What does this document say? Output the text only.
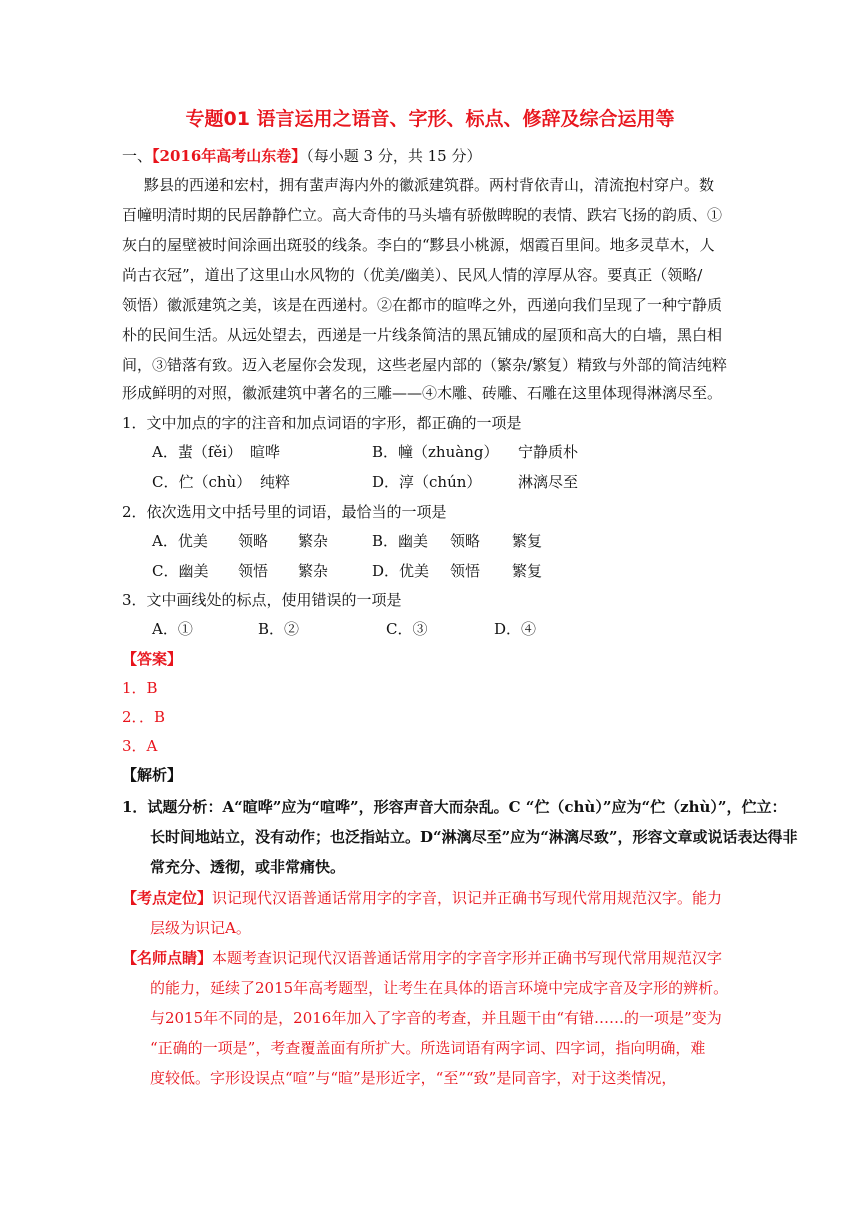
专题01 语言运用之语音、字形、标点、修辞及综合运用等
一、【2016年高考山东卷】（每小题 3 分，共 15 分）
黟县的西递和宏村，拥有蜚声海内外的徽派建筑群。两村背依青山，清流抱村穿户。数
百幢明清时期的民居静静伫立。高大奇伟的马头墙有骄傲睥睨的表情、跌宕飞扬的韵质、①
灰白的屋壁被时间涂画出斑驳的线条。李白的“黟县小桃源，烟霞百里间。地多灵草木，人
尚古衣冠”，道出了这里山水风物的（优美/幽美）、民风人情的淳厚从容。要真正（领略/
领悟）徽派建筑之美，该是在西递村。②在都市的暄哗之外，西递向我们呈现了一种宁静质
朴的民间生活。从远处望去，西递是一片线条简洁的黑瓦铺成的屋顶和高大的白墙，黑白相
间，③错落有致。迈入老屋你会发现，这些老屋内部的（繁杂/繁复）精致与外部的简洁纯粹
形成鲜明的对照，徽派建筑中著名的三雕——④木雕、砖雕、石雕在这里体现得淋漓尽至。
1．文中加点的字的注音和加点词语的字形，都正确的一项是
A．蜚（fěi） 暄哗	B．幢（zhuàng） 宁静质朴
C．伫（chù） 纯粹	D．淳（chún） 淋漓尽至
2．依次选用文中括号里的词语，最恰当的一项是
A．优美 领略 繁杂	B．幽美 领略 繁复
C．幽美 领悟 繁杂	D．优美 领悟 繁复
3．文中画线处的标点，使用错误的一项是
A．①	B．②	C．③	D．④
【答案】
1．B
2．．B
3．A
【解析】
1．试题分析：A“暄哗”应为“喧哗”，形容声音大而杂乱。C “伫（chù）”应为“伫（zhù）”，伫立：
长时间地站立，没有动作；也泛指站立。D“淋漓尽至”应为“淋漓尽致”，形容文章或说话表达得非
常充分、透彻，或非常痛快。
【考点定位】识记现代汉语普通话常用字的字音，识记并正确书写现代常用规范汉字。能力
层级为识记A。
【名师点睛】本题考查识记现代汉语普通话常用字的字音字形并正确书写现代常用规范汉字
的能力，延续了2015年高考题型，让考生在具体的语言环境中完成字音及字形的辨析。
与2015年不同的是，2016年加入了字音的考查，并且题干由“有错……的一项是”变为
“正确的一项是”，考查覆盖面有所扩大。所选词语有两字词、四字词，指向明确，难
度较低。字形设误点“喧”与“暄”是形近字，“至”“致”是同音字，对于这类情况，
